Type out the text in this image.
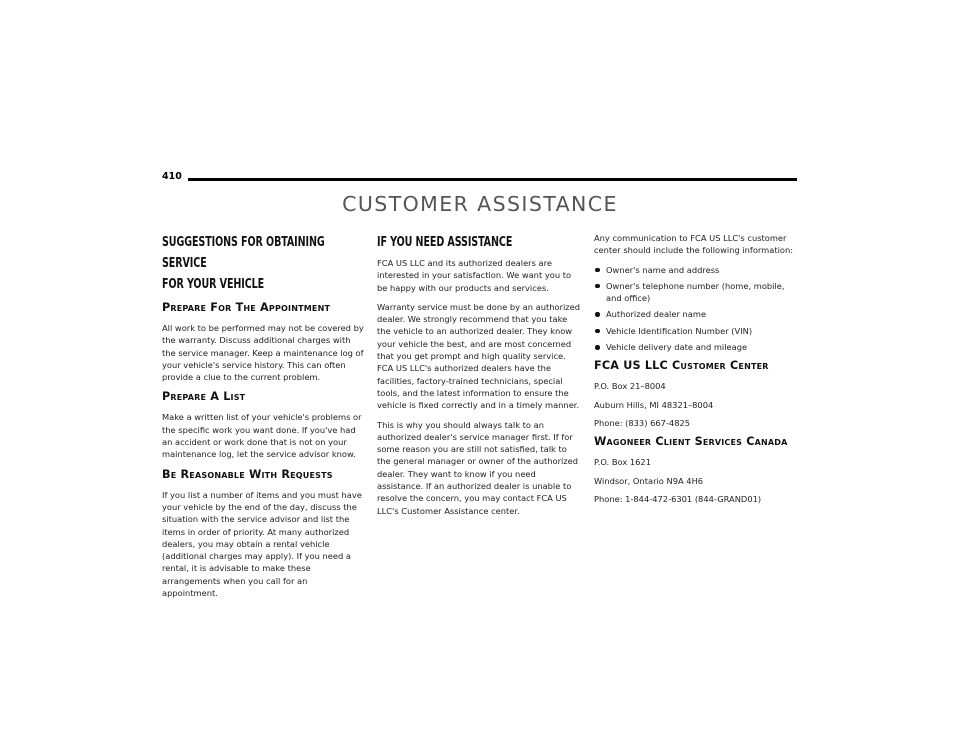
410
CUSTOMER ASSISTANCE
SUGGESTIONS FOR OBTAINING SERVICE
FOR YOUR VEHICLE
Prepare For The Appointment

All work to be performed may not be covered by the warranty. Discuss additional charges with the service manager. Keep a maintenance log of your vehicle's service history. This can often provide a clue to the current problem.

Prepare A List

Make a written list of your vehicle's problems or the specific work you want done. If you've had an accident or work done that is not on your maintenance log, let the service advisor know.

Be Reasonable With Requests

If you list a number of items and you must have your vehicle by the end of the day, discuss the situation with the service advisor and list the items in order of priority. At many authorized dealers, you may obtain a rental vehicle (additional charges may apply). If you need a rental, it is advisable to make these arrangements when you call for an appointment.

IF YOU NEED ASSISTANCE

FCA US LLC and its authorized dealers are interested in your satisfaction. We want you to be happy with our products and services.

Warranty service must be done by an authorized dealer. We strongly recommend that you take the vehicle to an authorized dealer. They know your vehicle the best, and are most concerned that you get prompt and high quality service. FCA US LLC's authorized dealers have the facilities, factory-trained technicians, special tools, and the latest information to ensure the vehicle is fixed correctly and in a timely manner.

This is why you should always talk to an authorized dealer's service manager first. If for some reason you are still not satisfied, talk to the general manager or owner of the authorized dealer. They want to know if you need assistance. If an authorized dealer is unable to resolve the concern, you may contact FCA US LLC's Customer Assistance center.

Any communication to FCA US LLC's customer center should include the following information:

Owner's name and address
Owner's telephone number (home, mobile, and office)
Authorized dealer name
Vehicle Identification Number (VIN)
Vehicle delivery date and mileage
FCA US LLC Customer Center

P.O. Box 21–8004

Auburn Hills, MI 48321–8004

Phone: (833) 667-4825

Wagoneer Client Services Canada

P.O. Box 1621

Windsor, Ontario N9A 4H6

Phone: 1-844-472-6301 (844-GRAND01)
